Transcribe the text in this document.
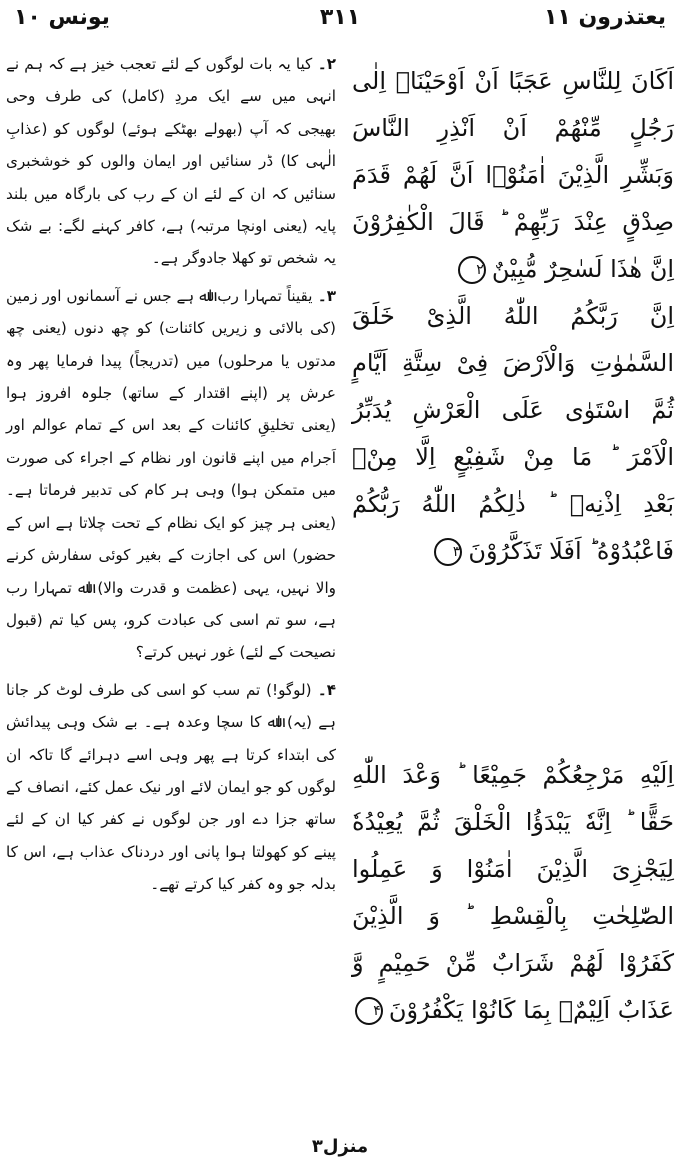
يونس ۱۰	۳۱۱	يعتذرون ۱۱

۲۔ کیا یہ بات لوگوں کے لئے تعجب خیز ہے کہ ہم نے انہی میں سے ایک مردِ (کامل) کی طرف وحی بھیجی کہ آپ (بھولے بھٹکے ہوئے) لوگوں کو (عذابِ الٰہی کا) ڈر سنائیں اور ایمان والوں کو خوشخبری سنائیں کہ ان کے لئے ان کے رب کی بارگاہ میں بلند پایہ (یعنی اونچا مرتبہ) ہے، کافر کہنے لگے: بے شک یہ شخص تو کھلا جادوگر ہے۔

۳۔ یقیناً تمہارا رب اﷲ ہے جس نے آسمانوں اور زمین (کی بالائی و زیریں کائنات) کو چھ دنوں (یعنی چھ مدتوں یا مرحلوں) میں (تدریجاً) پیدا فرمایا پھر وہ عرش پر (اپنے اقتدار کے ساتھ) جلوہ افروز ہوا (یعنی تخلیقِ کائنات کے بعد اس کے تمام عوالم اور اَجرام میں اپنے قانون اور نظام کے اجراء کی صورت میں متمکن ہوا) وہی ہر کام کی تدبیر فرماتا ہے۔ (یعنی ہر چیز کو ایک نظام کے تحت چلاتا ہے اس کے حضور) اس کی اجازت کے بغیر کوئی سفارش کرنے والا نہیں، یہی (عظمت و قدرت والا) اﷲ تمہارا رب ہے، سو تم اسی کی عبادت کرو، پس کیا تم (قبول نصیحت کے لئے) غور نہیں کرتے؟

۴۔ (لوگو!) تم سب کو اسی کی طرف لوٹ کر جانا ہے (یہ) اﷲ کا سچا وعدہ ہے۔ بے شک وہی پیدائش کی ابتداء کرتا ہے پھر وہی اسے دہرائے گا تاکہ ان لوگوں کو جو ایمان لائے اور نیک عمل کئے، انصاف کے ساتھ جزا دے اور جن لوگوں نے کفر کیا ان کے لئے پینے کو کھولتا ہوا پانی اور دردناک عذاب ہے، اس کا بدلہ جو وہ کفر کیا کرتے تھے۔

اَكَانَ لِلنَّاسِ عَجَبًا اَنْ اَوْحَيْنَاۤ اِلٰى
رَجُلٍ مِّنْهُمْ اَنْ اَنْذِرِ النَّاسَ
وَبَشِّرِ الَّذِيْنَ اٰمَنُوْۤا اَنَّ لَهُمْ قَدَمَ
صِدْقٍ عِنْدَ رَبِّهِمْ ؕ قَالَ الْكٰفِرُوْنَ
اِنَّ هٰذَا لَسٰحِرٌ مُّبِيْنٌ۲
اِنَّ رَبَّكُمُ اللّٰهُ الَّذِىْ خَلَقَ
السَّمٰوٰتِ وَالْاَرْضَ فِىْ سِتَّةِ اَيَّامٍ
ثُمَّ اسْتَوٰى عَلَى الْعَرْشِ يُدَبِّرُ
الْاَمْرَ ؕ مَا مِنْ شَفِيْعٍ اِلَّا مِنْۢ
بَعْدِ اِذْنِهٖ ؕ ذٰلِكُمُ اللّٰهُ رَبُّكُمْ
فَاعْبُدُوْهُ ؕ اَفَلَا تَذَكَّرُوْنَ۳
اِلَيْهِ مَرْجِعُكُمْ جَمِيْعًا ؕ وَعْدَ اللّٰهِ
حَقًّا ؕ اِنَّهٗ يَبْدَؤُا الْخَلْقَ ثُمَّ يُعِيْدُهٗ
لِيَجْزِىَ الَّذِيْنَ اٰمَنُوْا وَ عَمِلُوا
الصّٰلِحٰتِ بِالْقِسْطِ ؕ وَ الَّذِيْنَ
كَفَرُوْا لَهُمْ شَرَابٌ مِّنْ حَمِيْمٍ وَّ
عَذَابٌ اَلِيْمٌۢ بِمَا كَانُوْا يَكْفُرُوْنَ۴
منزل۳
